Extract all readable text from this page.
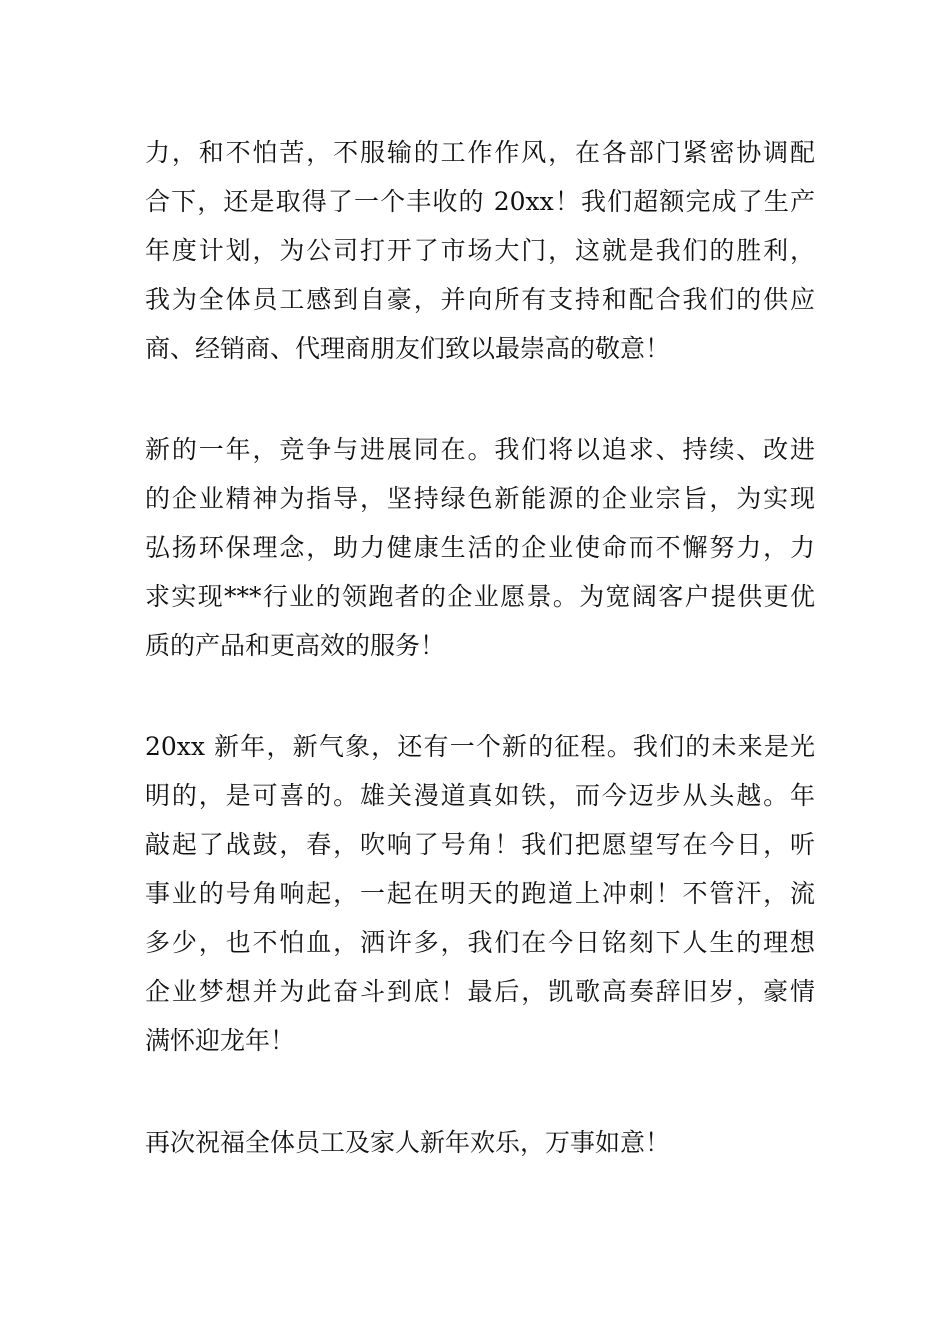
力，和不怕苦，不服输的工作作风，在各部门紧密协调配
合下，还是取得了一个丰收的 20xx！我们超额完成了生产
年度计划，为公司打开了市场大门，这就是我们的胜利，
我为全体员工感到自豪，并向所有支持和配合我们的供应
商、经销商、代理商朋友们致以最崇高的敬意！
新的一年，竞争与进展同在。我们将以追求、持续、改进
的企业精神为指导，坚持绿色新能源的企业宗旨，为实现
弘扬环保理念，助力健康生活的企业使命而不懈努力，力
求实现***行业的领跑者的企业愿景。为宽阔客户提供更优
质的产品和更高效的服务！
20xx 新年，新气象，还有一个新的征程。我们的未来是光
明的，是可喜的。雄关漫道真如铁，而今迈步从头越。年
敲起了战鼓，春，吹响了号角！我们把愿望写在今日，听
事业的号角响起，一起在明天的跑道上冲刺！不管汗，流
多少，也不怕血，洒许多，我们在今日铭刻下人生的理想
企业梦想并为此奋斗到底！最后，凯歌高奏辞旧岁，豪情
满怀迎龙年！
再次祝福全体员工及家人新年欢乐，万事如意！
